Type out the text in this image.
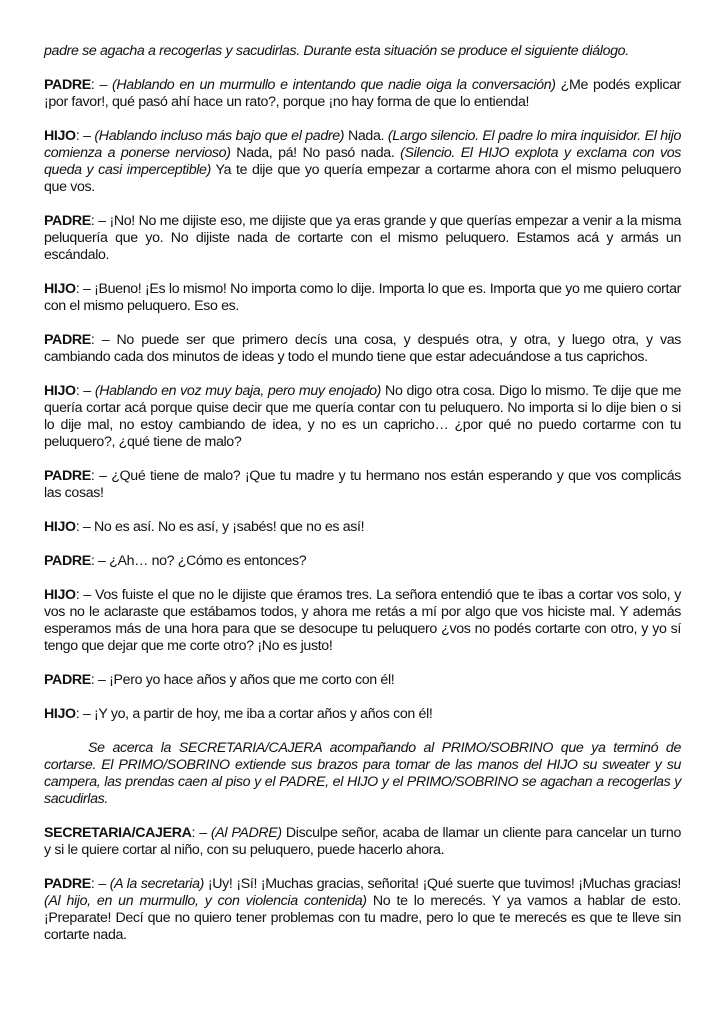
padre se agacha a recogerlas y sacudirlas. Durante esta situación se produce el siguiente diálogo.

PADRE: – (Hablando en un murmullo e intentando que nadie oiga la conversación) ¿Me podés explicar ¡por favor!, qué pasó ahí hace un rato?, porque ¡no hay forma de que lo entienda!

HIJO: – (Hablando incluso más bajo que el padre) Nada. (Largo silencio. El padre lo mira inquisidor. El hijo comienza a ponerse nervioso) Nada, pá! No pasó nada. (Silencio. El HIJO explota y exclama con vos queda y casi imperceptible) Ya te dije que yo quería empezar a cortarme ahora con el mismo peluquero que vos.

PADRE: – ¡No! No me dijiste eso, me dijiste que ya eras grande y que querías empezar a venir a la misma peluquería que yo. No dijiste nada de cortarte con el mismo peluquero. Estamos acá y armás un escándalo.

HIJO: – ¡Bueno! ¡Es lo mismo! No importa como lo dije. Importa lo que es. Importa que yo me quiero cortar con el mismo peluquero. Eso es.

PADRE: – No puede ser que primero decís una cosa, y después otra, y otra, y luego otra, y vas cambiando cada dos minutos de ideas y todo el mundo tiene que estar adecuándose a tus caprichos.

HIJO: – (Hablando en voz muy baja, pero muy enojado) No digo otra cosa. Digo lo mismo. Te dije que me quería cortar acá porque quise decir que me quería contar con tu peluquero. No importa si lo dije bien o si lo dije mal, no estoy cambiando de idea, y no es un capricho… ¿por qué no puedo cortarme con tu peluquero?, ¿qué tiene de malo?

PADRE: – ¿Qué tiene de malo? ¡Que tu madre y tu hermano nos están esperando y que vos complicás las cosas!

HIJO: – No es así. No es así, y ¡sabés! que no es así!

PADRE: – ¿Ah… no? ¿Cómo es entonces?

HIJO: – Vos fuiste el que no le dijiste que éramos tres. La señora entendió que te ibas a cortar vos solo, y vos no le aclaraste que estábamos todos, y ahora me retás a mí por algo que vos hiciste mal. Y además esperamos más de una hora para que se desocupe tu peluquero ¿vos no podés cortarte con otro, y yo sí tengo que dejar que me corte otro? ¡No es justo!

PADRE: – ¡Pero yo hace años y años que me corto con él!

HIJO: – ¡Y yo, a partir de hoy, me iba a cortar años y años con él!

Se acerca la SECRETARIA/CAJERA acompañando al PRIMO/SOBRINO que ya terminó de cortarse. El PRIMO/SOBRINO extiende sus brazos para tomar de las manos del HIJO su sweater y su campera, las prendas caen al piso y el PADRE, el HIJO y el PRIMO/SOBRINO se agachan a recogerlas y sacudirlas.

SECRETARIA/CAJERA: – (Al PADRE) Disculpe señor, acaba de llamar un cliente para cancelar un turno y si le quiere cortar al niño, con su peluquero, puede hacerlo ahora.

PADRE: – (A la secretaria) ¡Uy! ¡Sí! ¡Muchas gracias, señorita! ¡Qué suerte que tuvimos! ¡Muchas gracias! (Al hijo, en un murmullo, y con violencia contenida) No te lo merecés. Y ya vamos a hablar de esto. ¡Preparate! Decí que no quiero tener problemas con tu madre, pero lo que te merecés es que te lleve sin cortarte nada.
